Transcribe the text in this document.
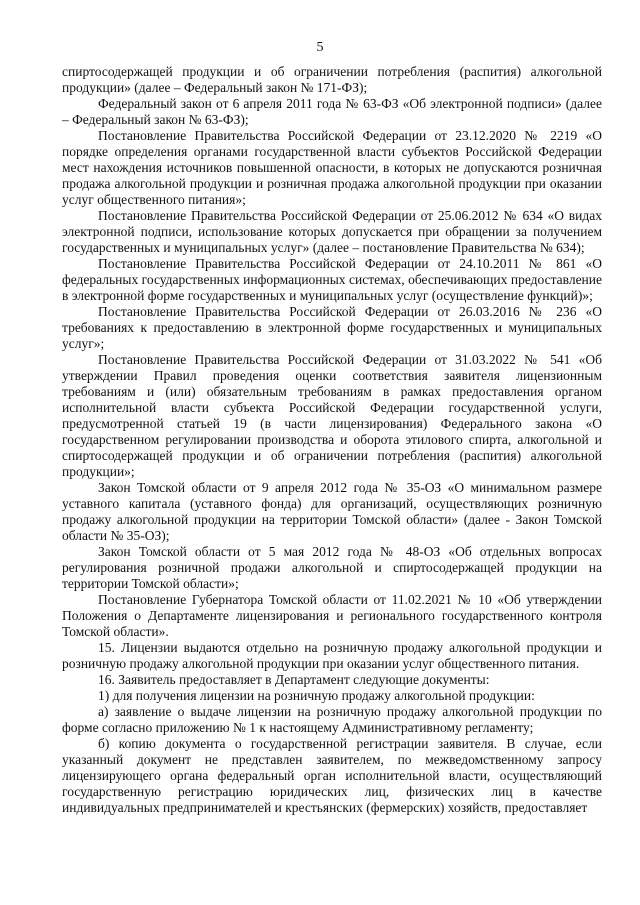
5

спиртосодержащей продукции и об ограничении потребления (распития) алкогольной продукции» (далее – Федеральный закон № 171-ФЗ);

Федеральный закон от 6 апреля 2011 года № 63-ФЗ «Об электронной подписи» (далее – Федеральный закон № 63-ФЗ);

Постановление Правительства Российской Федерации от 23.12.2020 № 2219 «О порядке определения органами государственной власти субъектов Российской Федерации мест нахождения источников повышенной опасности, в которых не допускаются розничная продажа алкогольной продукции и розничная продажа алкогольной продукции при оказании услуг общественного питания»;

Постановление Правительства Российской Федерации от 25.06.2012 № 634 «О видах электронной подписи, использование которых допускается при обращении за получением государственных и муниципальных услуг» (далее – постановление Правительства № 634);

Постановление Правительства Российской Федерации от 24.10.2011 № 861 «О федеральных государственных информационных системах, обеспечивающих предоставление в электронной форме государственных и муниципальных услуг (осуществление функций)»;

Постановление Правительства Российской Федерации от 26.03.2016 № 236 «О требованиях к предоставлению в электронной форме государственных и муниципальных услуг»;

Постановление Правительства Российской Федерации от 31.03.2022 № 541 «Об утверждении Правил проведения оценки соответствия заявителя лицензионным требованиям и (или) обязательным требованиям в рамках предоставления органом исполнительной власти субъекта Российской Федерации государственной услуги, предусмотренной статьей 19 (в части лицензирования) Федерального закона «О государственном регулировании производства и оборота этилового спирта, алкогольной и спиртосодержащей продукции и об ограничении потребления (распития) алкогольной продукции»;

Закон Томской области от 9 апреля 2012 года № 35-ОЗ «О минимальном размере уставного капитала (уставного фонда) для организаций, осуществляющих розничную продажу алкогольной продукции на территории Томской области» (далее - Закон Томской области № 35-ОЗ);

Закон Томской области от 5 мая 2012 года № 48-ОЗ «Об отдельных вопросах регулирования розничной продажи алкогольной и спиртосодержащей продукции на территории Томской области»;

Постановление Губернатора Томской области от 11.02.2021 № 10 «Об утверждении Положения о Департаменте лицензирования и регионального государственного контроля Томской области».

15. Лицензии выдаются отдельно на розничную продажу алкогольной продукции и розничную продажу алкогольной продукции при оказании услуг общественного питания.

16. Заявитель предоставляет в Департамент следующие документы:

1) для получения лицензии на розничную продажу алкогольной продукции:

а) заявление о выдаче лицензии на розничную продажу алкогольной продукции по форме согласно приложению № 1 к настоящему Административному регламенту;

б) копию документа о государственной регистрации заявителя. В случае, если указанный документ не представлен заявителем, по межведомственному запросу лицензирующего органа федеральный орган исполнительной власти, осуществляющий государственную регистрацию юридических лиц, физических лиц в качестве индивидуальных предпринимателей и крестьянских (фермерских) хозяйств, предоставляет
